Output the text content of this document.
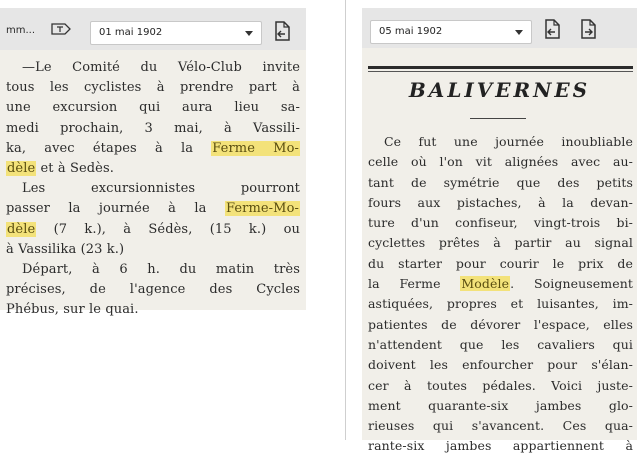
mm...	01 mai 1902
—Le Comité du Vélo-Club invite
tous les cyclistes à prendre part à
une excursion qui aura lieu sa-
medi prochain, 3 mai, à Vassili-
ka, avec étapes à la Ferme Mo-
dèle et à Sedès.
Les excursionnistes pourront
passer la journée à la Ferme-Mo-
dèle (7 k.), à Sédès, (15 k.) ou
à Vassilika (23 k.)
Départ, à 6 h. du matin très
précises, de l'agence des Cycles
Phébus, sur le quai.
05 mai 1902
BALIVERNES
Ce fut une journée inoubliable
celle où l'on vit alignées avec au-
tant de symétrie que des petits
fours aux pistaches, à la devan-
ture d'un confiseur, vingt-trois bi-
cyclettes prêtes à partir au signal
du starter pour courir le prix de
la Ferme Modèle. Soigneusement
astiquées, propres et luisantes, im-
patientes de dévorer l'espace, elles
n'attendent que les cavaliers qui
doivent les enfourcher pour s'élan-
cer à toutes pédales. Voici juste-
ment quarante-six jambes glo-
rieuses qui s'avancent. Ces qua-
rante-six jambes appartiennent à
